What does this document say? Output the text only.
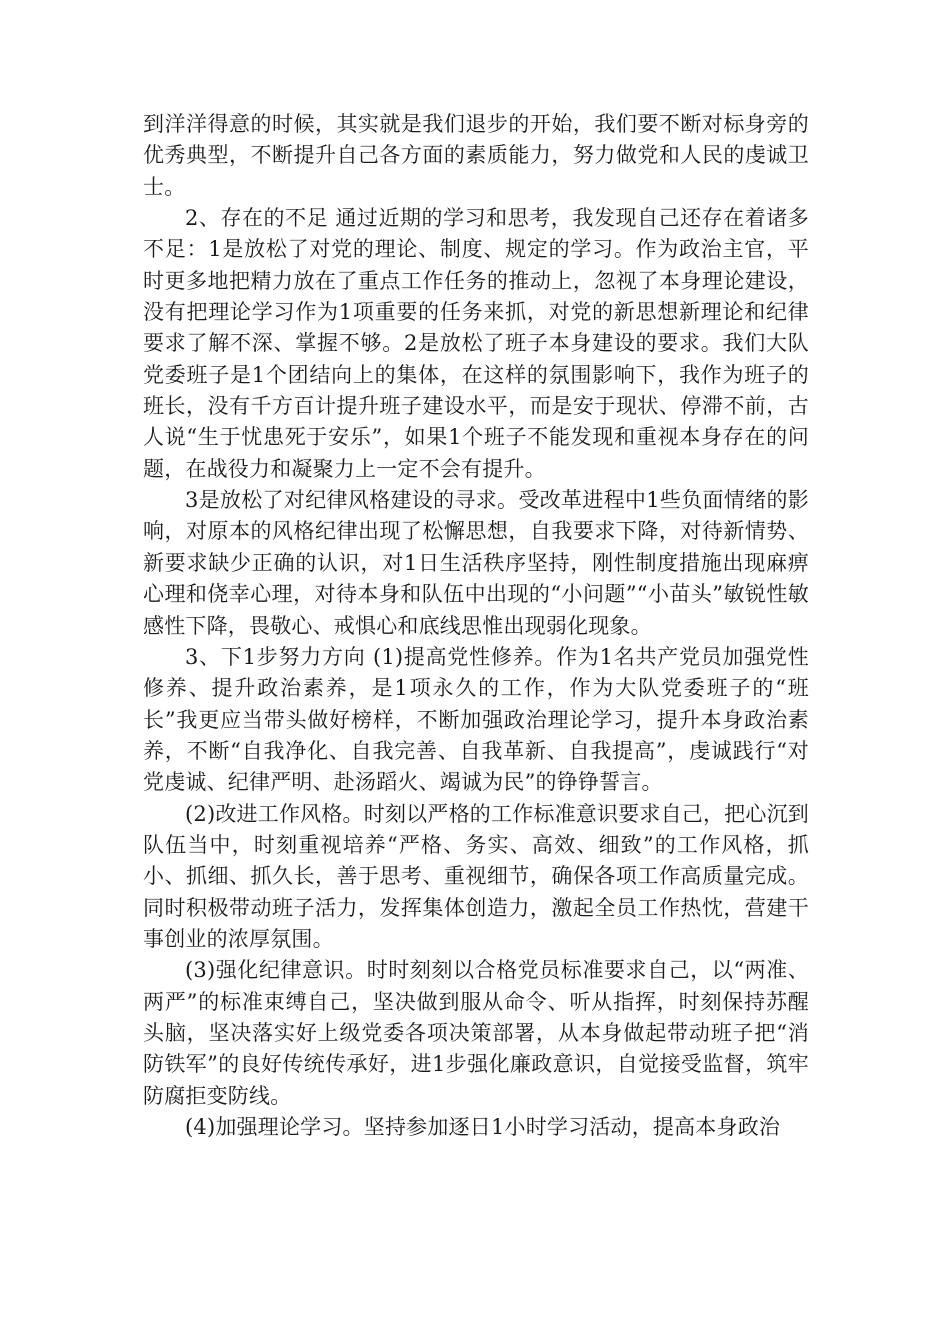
到洋洋得意的时候，其实就是我们退步的开始，我们要不断对标身旁的优秀典型，不断提升自己各方面的素质能力，努力做党和人民的虔诚卫士。

2、存在的不足 通过近期的学习和思考，我发现自己还存在着诸多不足：1是放松了对党的理论、制度、规定的学习。作为政治主官，平时更多地把精力放在了重点工作任务的推动上，忽视了本身理论建设，没有把理论学习作为1项重要的任务来抓，对党的新思想新理论和纪律要求了解不深、掌握不够。2是放松了班子本身建设的要求。我们大队党委班子是1个团结向上的集体，在这样的氛围影响下，我作为班子的班长，没有千方百计提升班子建设水平，而是安于现状、停滞不前，古人说“生于忧患死于安乐”，如果1个班子不能发现和重视本身存在的问题，在战役力和凝聚力上一定不会有提升。

3是放松了对纪律风格建设的寻求。受改革进程中1些负面情绪的影响，对原本的风格纪律出现了松懈思想，自我要求下降，对待新情势、新要求缺少正确的认识，对1日生活秩序坚持，刚性制度措施出现麻痹心理和侥幸心理，对待本身和队伍中出现的“小问题”“小苗头”敏锐性敏感性下降，畏敬心、戒惧心和底线思惟出现弱化现象。

3、下1步努力方向 (1)提高党性修养。作为1名共产党员加强党性修养、提升政治素养，是1项永久的工作，作为大队党委班子的“班长”我更应当带头做好榜样，不断加强政治理论学习，提升本身政治素养，不断“自我净化、自我完善、自我革新、自我提高”，虔诚践行“对党虔诚、纪律严明、赴汤蹈火、竭诚为民”的铮铮誓言。

(2)改进工作风格。时刻以严格的工作标准意识要求自己，把心沉到队伍当中，时刻重视培养“严格、务实、高效、细致”的工作风格，抓小、抓细、抓久长，善于思考、重视细节，确保各项工作高质量完成。同时积极带动班子活力，发挥集体创造力，激起全员工作热忱，营建干事创业的浓厚氛围。

(3)强化纪律意识。时时刻刻以合格党员标准要求自己，以“两准、两严”的标准束缚自己，坚决做到服从命令、听从指挥，时刻保持苏醒头脑，坚决落实好上级党委各项决策部署，从本身做起带动班子把“消防铁军”的良好传统传承好，进1步强化廉政意识，自觉接受监督，筑牢防腐拒变防线。

(4)加强理论学习。坚持参加逐日1小时学习活动，提高本身政治
